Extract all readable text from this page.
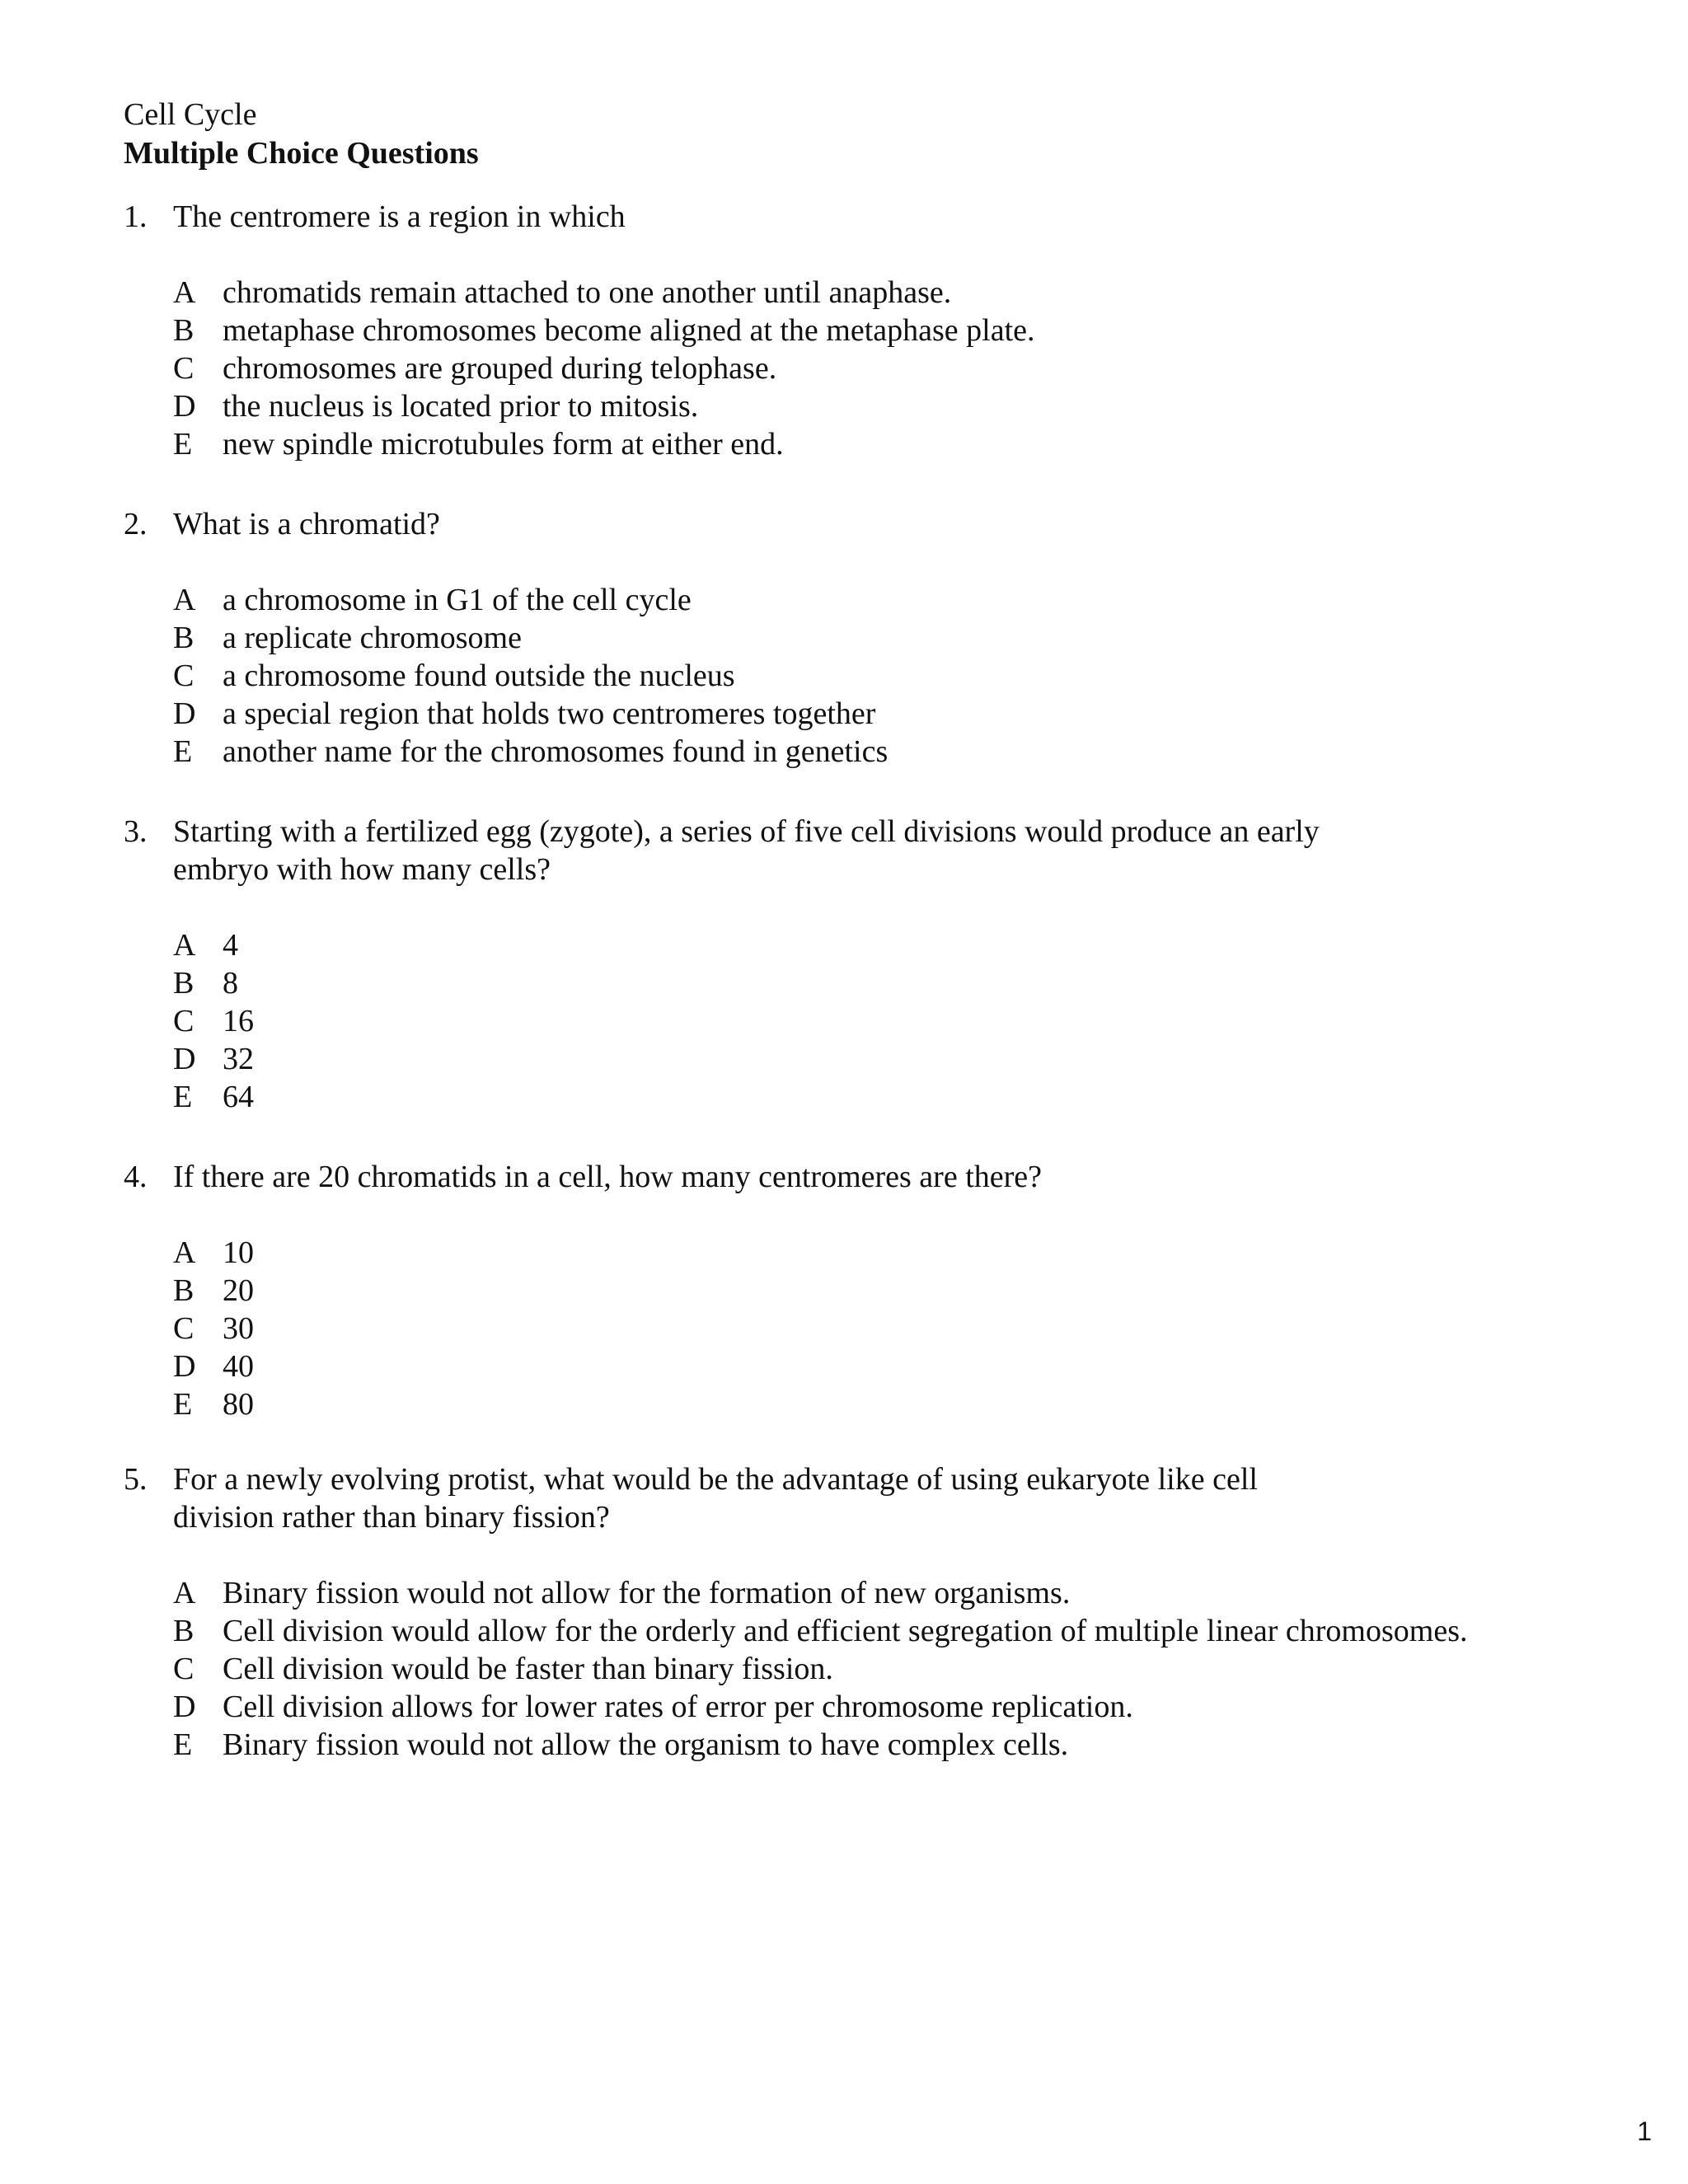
Cell Cycle
Multiple Choice Questions

1. The centromere is a region in which

A chromatids remain attached to one another until anaphase.
B metaphase chromosomes become aligned at the metaphase plate.
C chromosomes are grouped during telophase.
D the nucleus is located prior to mitosis.
E new spindle microtubules form at either end.

2. What is a chromatid?

A a chromosome in G1 of the cell cycle
B a replicate chromosome
C a chromosome found outside the nucleus
D a special region that holds two centromeres together
E another name for the chromosomes found in genetics

3. Starting with a fertilized egg (zygote), a series of five cell divisions would produce an early
embryo with how many cells?

A 4
B 8
C 16
D 32
E 64

4. If there are 20 chromatids in a cell, how many centromeres are there?

A 10
B 20
C 30
D 40
E 80

5. For a newly evolving protist, what would be the advantage of using eukaryote like cell
division rather than binary fission?

A Binary fission would not allow for the formation of new organisms.
B Cell division would allow for the orderly and efficient segregation of multiple linear chromosomes.
C Cell division would be faster than binary fission.
D Cell division allows for lower rates of error per chromosome replication.
E Binary fission would not allow the organism to have complex cells.
1
